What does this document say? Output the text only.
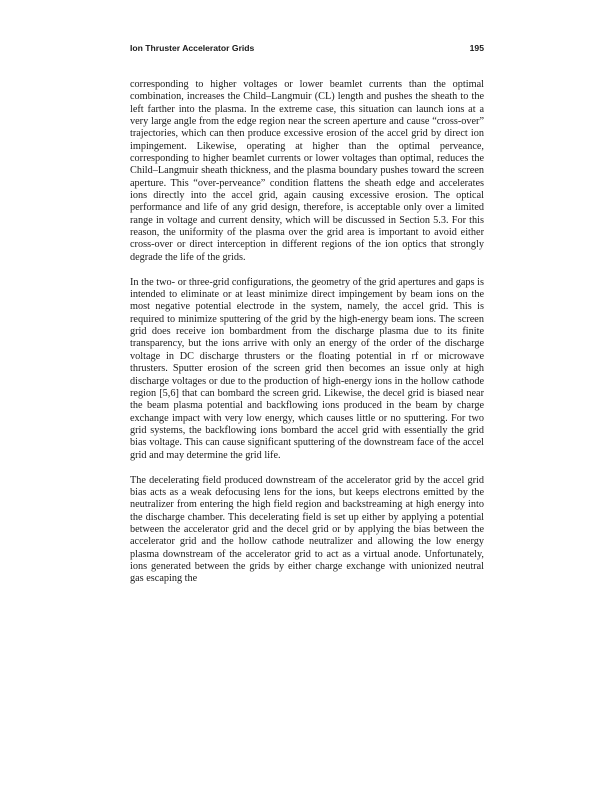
Ion Thruster Accelerator Grids	195

corresponding to higher voltages or lower beamlet currents than the optimal combination, increases the Child–Langmuir (CL) length and pushes the sheath to the left farther into the plasma. In the extreme case, this situation can launch ions at a very large angle from the edge region near the screen aperture and cause “cross-over” trajectories, which can then produce excessive erosion of the accel grid by direct ion impingement. Likewise, operating at higher than the optimal perveance, corresponding to higher beamlet currents or lower voltages than optimal, reduces the Child–Langmuir sheath thickness, and the plasma boundary pushes toward the screen aperture. This “over-perveance” condition flattens the sheath edge and accelerates ions directly into the accel grid, again causing excessive erosion. The optical performance and life of any grid design, therefore, is acceptable only over a limited range in voltage and current density, which will be discussed in Section 5.3. For this reason, the uniformity of the plasma over the grid area is important to avoid either cross-over or direct interception in different regions of the ion optics that strongly degrade the life of the grids.

In the two- or three-grid configurations, the geometry of the grid apertures and gaps is intended to eliminate or at least minimize direct impingement by beam ions on the most negative potential electrode in the system, namely, the accel grid. This is required to minimize sputtering of the grid by the high-energy beam ions. The screen grid does receive ion bombardment from the discharge plasma due to its finite transparency, but the ions arrive with only an energy of the order of the discharge voltage in DC discharge thrusters or the floating potential in rf or microwave thrusters. Sputter erosion of the screen grid then becomes an issue only at high discharge voltages or due to the production of high-energy ions in the hollow cathode region [5,6] that can bombard the screen grid. Likewise, the decel grid is biased near the beam plasma potential and backflowing ions produced in the beam by charge exchange impact with very low energy, which causes little or no sputtering. For two grid systems, the backflowing ions bombard the accel grid with essentially the grid bias voltage. This can cause significant sputtering of the downstream face of the accel grid and may determine the grid life.

The decelerating field produced downstream of the accelerator grid by the accel grid bias acts as a weak defocusing lens for the ions, but keeps electrons emitted by the neutralizer from entering the high field region and backstreaming at high energy into the discharge chamber. This decelerating field is set up either by applying a potential between the accelerator grid and the decel grid or by applying the bias between the accelerator grid and the hollow cathode neutralizer and allowing the low energy plasma downstream of the accelerator grid to act as a virtual anode. Unfortunately, ions generated between the grids by either charge exchange with unionized neutral gas escaping the
